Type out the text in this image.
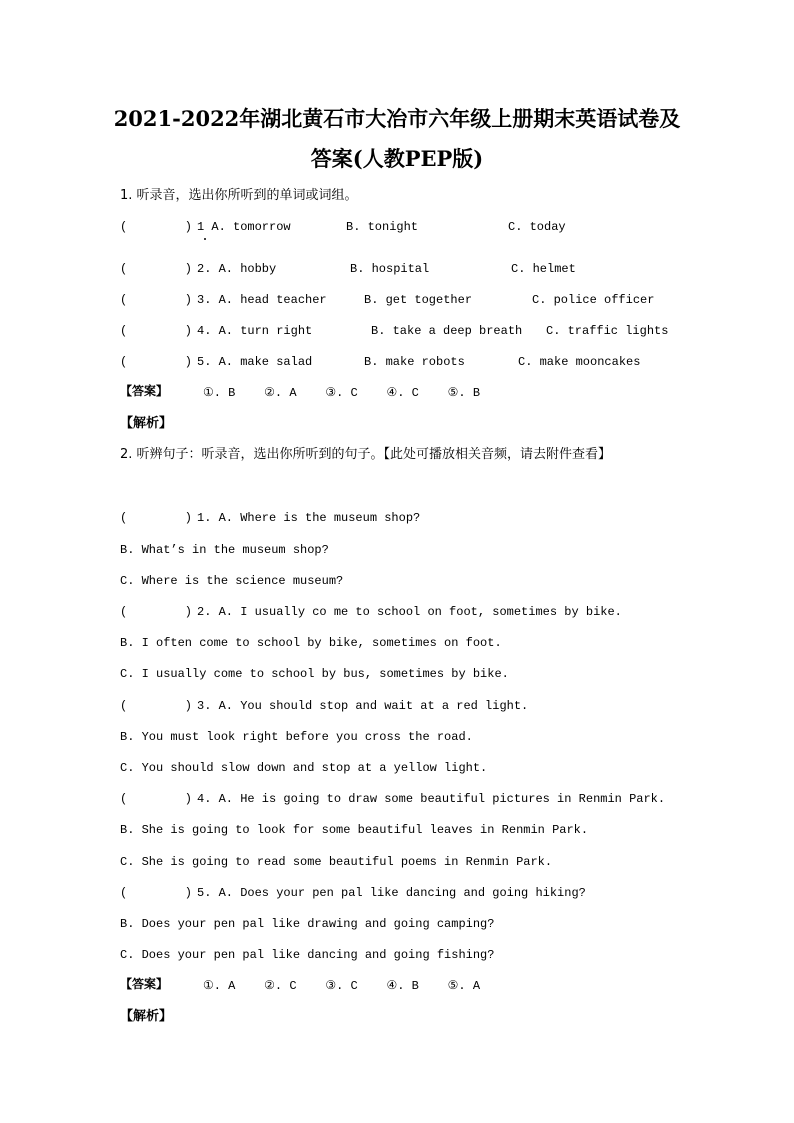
2021-2022年湖北黄石市大冶市六年级上册期末英语试卷及
答案(人教PEP版)
1. 听录音，选出你所听到的单词或词组。
(        ) 1 A. tomorrow	B. tonight	C. today
(        ) 2. A. hobby	B. hospital	C. helmet
(        ) 3. A. head teacher	B. get together	C. police officer
(        ) 4. A. turn right	B. take a deep breath C. traffic lights
(        ) 5. A. make salad	B. make robots	C. make mooncakes
【答案】	①. B    ②. A    ③. C    ④. C    ⑤. B
【解析】
2. 听辨句子：听录音，选出你所听到的句子。【此处可播放相关音频，请去附件查看】
(        ) 1. A. Where is the museum shop?
B. What’s in the museum shop?
C. Where is the science museum?
(        ) 2. A. I usually co me to school on foot, sometimes by bike.
B. I often come to school by bike, sometimes on foot.
C. I usually come to school by bus, sometimes by bike.
(        ) 3. A. You should stop and wait at a red light.
B. You must look right before you cross the road.
C. You should slow down and stop at a yellow light.
(        ) 4. A. He is going to draw some beautiful pictures in Renmin Park.
B. She is going to look for some beautiful leaves in Renmin Park.
C. She is going to read some beautiful poems in Renmin Park.
(        ) 5. A. Does your pen pal like dancing and going hiking?
B. Does your pen pal like drawing and going camping?
C. Does your pen pal like dancing and going fishing?
【答案】	①. A    ②. C    ③. C    ④. B    ⑤. A
【解析】
